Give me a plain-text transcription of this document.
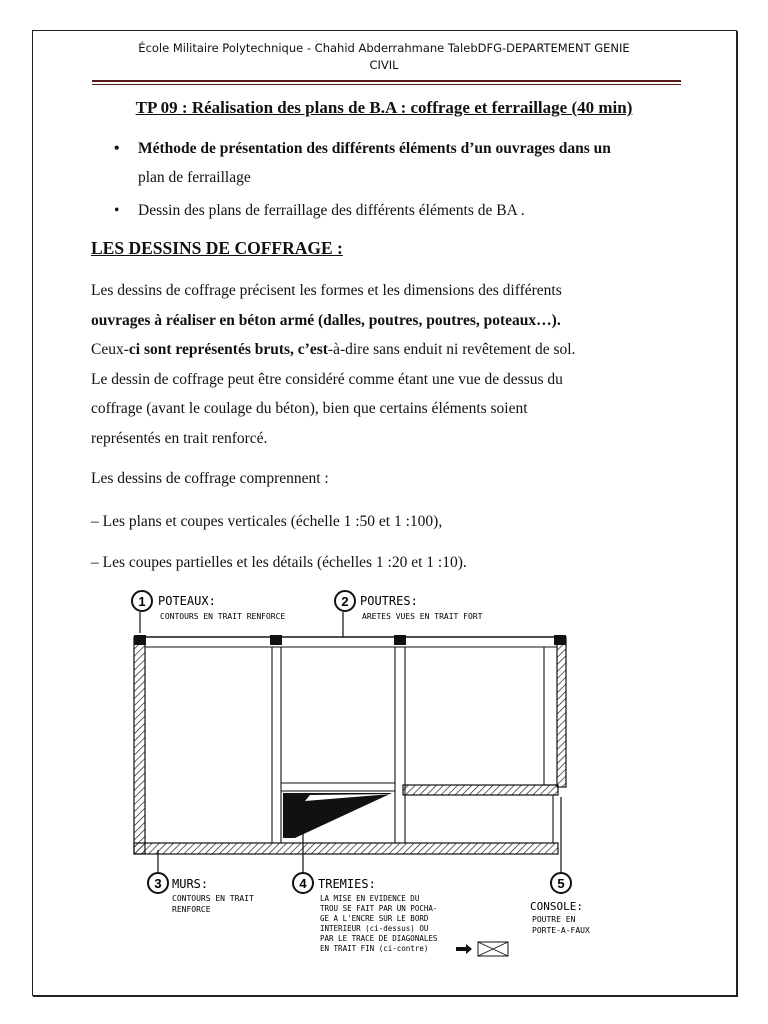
École Militaire Polytechnique - Chahid Abderrahmane TalebDFG-DEPARTEMENT GENIE
CIVIL
TP 09 : Réalisation des plans de B.A : coffrage et ferraillage (40 min)
• Méthode de présentation des différents éléments d’un ouvrages dans un
plan de ferraillage
• Dessin des plans de ferraillage des différents éléments de BA .
LES DESSINS DE COFFRAGE :

Les dessins de coffrage précisent les formes et les dimensions des différents

ouvrages à réaliser en béton armé (dalles, poutres, poutres, poteaux…).

Ceux-ci sont représentés bruts, c’est-à-dire sans enduit ni revêtement de sol.

Le dessin de coffrage peut être considéré comme étant une vue de dessus du

coffrage (avant le coulage du béton), bien que certains éléments soient

représentés en trait renforcé.

Les dessins de coffrage comprennent :

– Les plans et coupes verticales (échelle 1 :50 et 1 :100),

– Les coupes partielles et les détails (échelles 1 :20 et 1 :10).

1 POTEAUX:
CONTOURS EN TRAIT RENFORCE
2 POUTRES:
ARETES VUES EN TRAIT FORT
3 MURS:
CONTOURS EN TRAIT
RENFORCE
4 TREMIES:
LA MISE EN EVIDENCE DU
TROU SE FAIT PAR UN POCHA-
GE A L'ENCRE SUR LE BORD
INTERIEUR (ci-dessus) OU
PAR LE TRACE DE DIAGONALES
EN TRAIT FIN (ci-contre)
5
CONSOLE:
POUTRE EN
PORTE-A-FAUX
